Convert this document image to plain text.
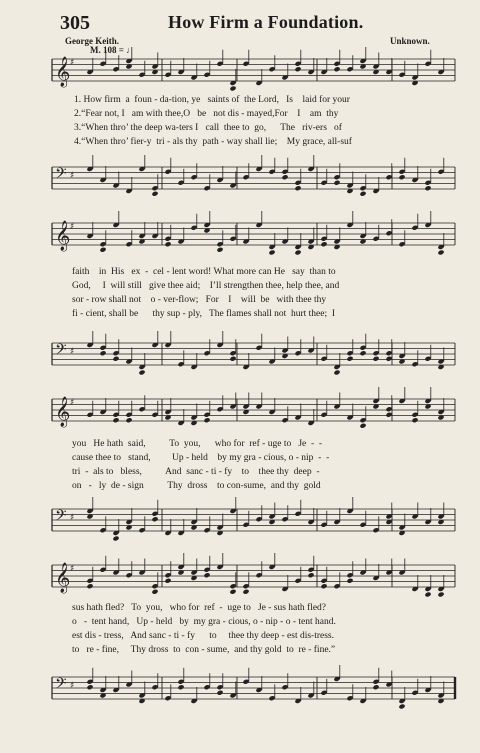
305	How Firm a Foundation.
George Keith.	Unknown.
M. 108 = ♩
𝄞 ♯
1. How firm  a  foun - da-tion, ye   saints of  the Lord,   Is    laid for your
2.“Fear not, I   am with thee,O   be   not dis - mayed,For    I    am  thy
3.“When thro’ the deep wa-ters I   call  thee to  go,      The   riv-ers   of
4.“When thro’ fier-y  tri - als thy  path - way shall lie;    My grace, all-suf
𝄢 ♯
𝄞 ♯
faith    in  His   ex  -  cel - lent word! What more can He   say  than to
God,     I  will still   give thee aid;    I’ll strengthen thee, help thee, and
sor - row shall not    o - ver-flow;   For    I    will  be   with thee thy
fi - cient, shall be      thy sup - ply,   The flames shall not  hurt thee;  I
𝄢 ♯
𝄞 ♯
you   He hath  said,          To  you,      who for  ref - uge to   Je  -  -
cause thee to   stand,         Up - held    by my gra - cious, o - nip  -  -
tri  -  als to   bless,          And  sanc - ti - fy    to    thee thy  deep  -
on   -   ly  de - sign          Thy  dross    to con-sume,  and thy  gold
𝄢 ♯
𝄞 ♯
sus hath fled?   To  you,   who for  ref  -  uge to   Je - sus hath fled?
o   -  tent hand,   Up - held   by  my gra - cious, o - nip - o - tent hand.
est dis - tress,   And sanc - ti - fy      to     thee thy deep - est dis-tress.
to   re - fine,     Thy dross  to  con - sume,  and thy gold  to  re - fine.”
𝄢 ♯
